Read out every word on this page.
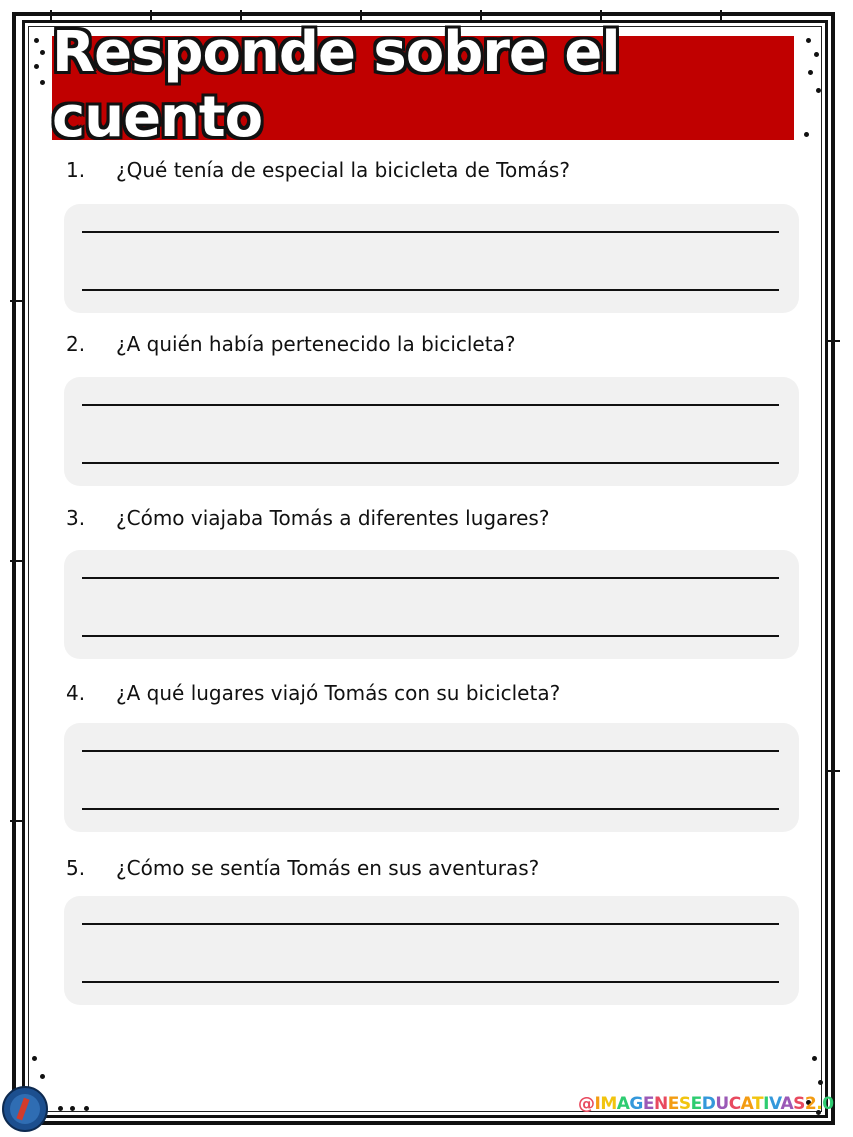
Responde sobre el cuento
1. ¿Qué tenía de especial la bicicleta de Tomás?
2. ¿A quién había pertenecido la bicicleta?
3. ¿Cómo viajaba Tomás a diferentes lugares?
4. ¿A qué lugares viajó Tomás con su bicicleta?
5. ¿Cómo se sentía Tomás en sus aventuras?
@IMAGENESEDUCATIVAS2.0
